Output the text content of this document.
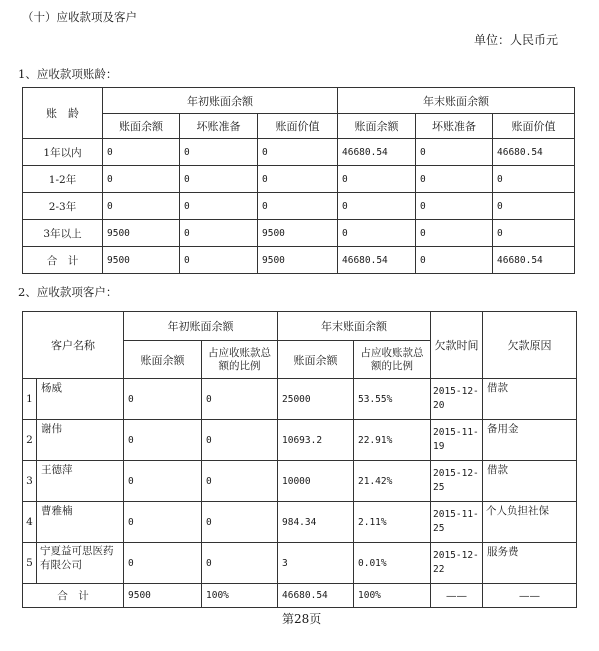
（十）应收款项及客户
单位：人民币元
1、应收款项账龄：
账　龄	年初账面余额			年末账面余额		
	账面余额	坏账准备	账面价值	账面余额	坏账准备	账面价值
1年以内	0	0	0	46680.54	0	46680.54
1-2年	0	0	0	0	0	0
2-3年	0	0	0	0	0	0
3年以上	9500	0	9500	0	0	0
合　计	9500	0	9500	46680.54	0	46680.54
2、应收款项客户：
客户名称		年初账面余额		年末账面余额		欠款时间	欠款原因
		账面余额	占应收账款总额的比例	账面余额	占应收账款总额的比例		
1	杨威	0	0	25000	53.55%	2015-12-20	借款
2	谢伟	0	0	10693.2	22.91%	2015-11-19	备用金
3	王德萍	0	0	10000	21.42%	2015-12-25	借款
4	曹雅楠	0	0	984.34	2.11%	2015-11-25	个人负担社保
5	宁夏益可思医药有限公司	0	0	3	0.01%	2015-12-22	服务费
合　计		9500	100%	46680.54	100%	——	——
第28页
